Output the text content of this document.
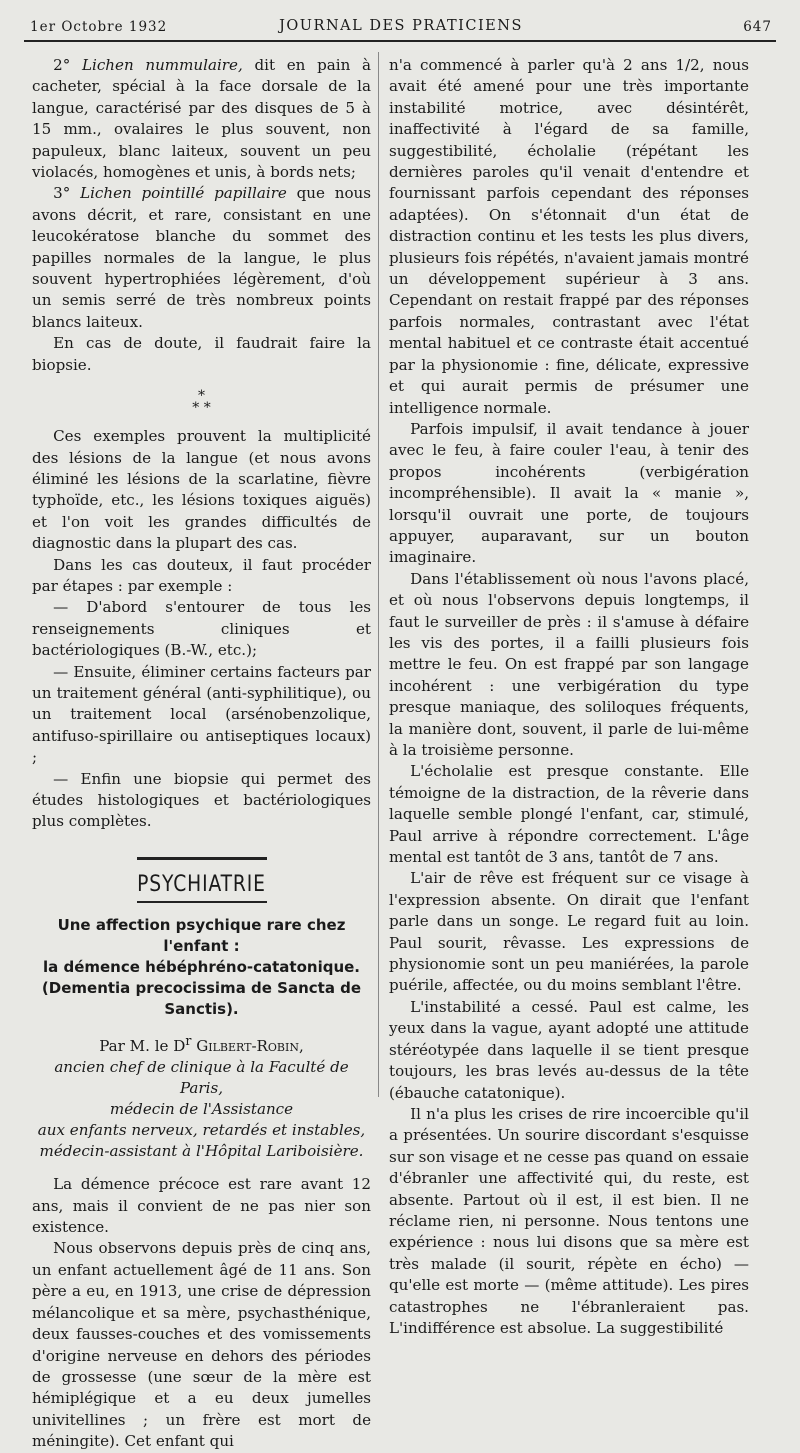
1er Octobre 1932	JOURNAL DES PRATICIENS	647

2° Lichen nummulaire, dit en pain à cacheter, spécial à la face dorsale de la langue, caractérisé par des disques de 5 à 15 mm., ovalaires le plus souvent, non papuleux, blanc laiteux, souvent un peu violacés, homogènes et unis, à bords nets;

3° Lichen pointillé papillaire que nous avons décrit, et rare, consistant en une leucokératose blanche du sommet des papilles normales de la langue, le plus souvent hypertrophiées légèrement, d'où un semis serré de très nombreux points blancs laiteux.

En cas de doute, il faudrait faire la biopsie.

*
* *

Ces exemples prouvent la multiplicité des lésions de la langue (et nous avons éliminé les lésions de la scarlatine, fièvre typhoïde, etc., les lésions toxiques aiguës) et l'on voit les grandes difficultés de diagnostic dans la plupart des cas.

Dans les cas douteux, il faut procéder par étapes : par exemple :

— D'abord s'entourer de tous les renseignements cliniques et bactériologiques (B.-W., etc.);

— Ensuite, éliminer certains facteurs par un traitement général (anti-syphilitique), ou un traitement local (arsénobenzolique, antifuso-spirillaire ou antiseptiques locaux) ;

— Enfin une biopsie qui permet des études histologiques et bactériologiques plus complètes.

PSYCHIATRIE
Une affection psychique rare chez l'enfant :
la démence hébéphréno-catatonique.
(Dementia precocissima de Sancta de Sanctis).
Par M. le $D^r$ Gilbert-Robin,
ancien chef de clinique à la Faculté de Paris,
médecin de l'Assistance
aux enfants nerveux, retardés et instables,
médecin-assistant à l'Hôpital Lariboisière.

La démence précoce est rare avant 12 ans, mais il convient de ne pas nier son existence.

Nous observons depuis près de cinq ans, un enfant actuellement âgé de 11 ans. Son père a eu, en 1913, une crise de dépression mélancolique et sa mère, psychasthénique, deux fausses-couches et des vomissements d'origine nerveuse en dehors des périodes de grossesse (une sœur de la mère est hémiplégique et a eu deux jumelles univitellines ; un frère est mort de méningite). Cet enfant qui

n'a commencé à parler qu'à 2 ans 1/2, nous avait été amené pour une très importante instabilité motrice, avec désintérêt, inaffectivité à l'égard de sa famille, suggestibilité, écholalie (répétant les dernières paroles qu'il venait d'entendre et fournissant parfois cependant des réponses adaptées). On s'étonnait d'un état de distraction continu et les tests les plus divers, plusieurs fois répétés, n'avaient jamais montré un développement supérieur à 3 ans. Cependant on restait frappé par des réponses parfois normales, contrastant avec l'état mental habituel et ce contraste était accentué par la physionomie : fine, délicate, expressive et qui aurait permis de présumer une intelligence normale.

Parfois impulsif, il avait tendance à jouer avec le feu, à faire couler l'eau, à tenir des propos incohérents (verbigération incompréhensible). Il avait la « manie », lorsqu'il ouvrait une porte, de toujours appuyer, auparavant, sur un bouton imaginaire.

Dans l'établissement où nous l'avons placé, et où nous l'observons depuis longtemps, il faut le surveiller de près : il s'amuse à défaire les vis des portes, il a failli plusieurs fois mettre le feu. On est frappé par son langage incohérent : une verbigération du type presque maniaque, des soliloques fréquents, la manière dont, souvent, il parle de lui-même à la troisième personne.

L'écholalie est presque constante. Elle témoigne de la distraction, de la rêverie dans laquelle semble plongé l'enfant, car, stimulé, Paul arrive à répondre correctement. L'âge mental est tantôt de 3 ans, tantôt de 7 ans.

L'air de rêve est fréquent sur ce visage à l'expression absente. On dirait que l'enfant parle dans un songe. Le regard fuit au loin. Paul sourit, rêvasse. Les expressions de physionomie sont un peu maniérées, la parole puérile, affectée, ou du moins semblant l'être.

L'instabilité a cessé. Paul est calme, les yeux dans la vague, ayant adopté une attitude stéréotypée dans laquelle il se tient presque toujours, les bras levés au-dessus de la tête (ébauche catatonique).

Il n'a plus les crises de rire incoercible qu'il a présentées. Un sourire discordant s'esquisse sur son visage et ne cesse pas quand on essaie d'ébranler une affectivité qui, du reste, est absente. Partout où il est, il est bien. Il ne réclame rien, ni personne. Nous tentons une expérience : nous lui disons que sa mère est très malade (il sourit, répète en écho) — qu'elle est morte — (même attitude). Les pires catastrophes ne l'ébranleraient pas. L'indifférence est absolue. La suggestibilité
